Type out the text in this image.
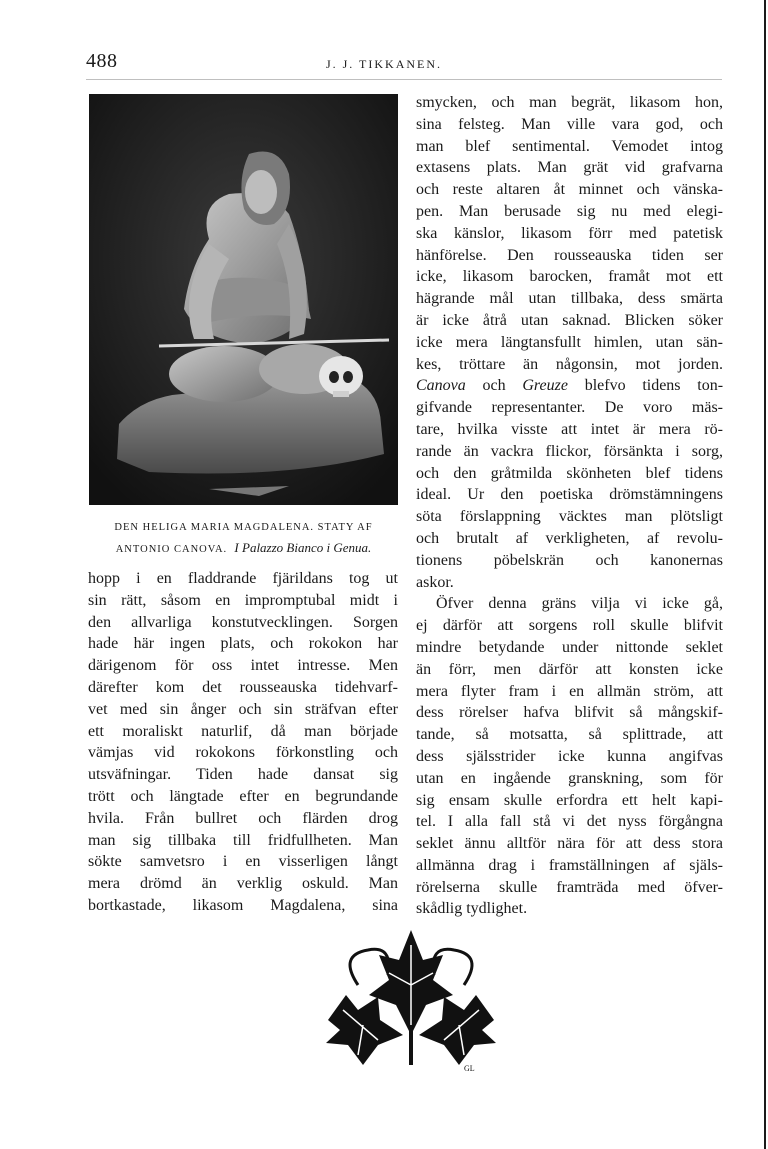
488	J. J. TIKKANEN.
DEN HELIGA MARIA MAGDALENA. STATY AF
ANTONIO CANOVA. I Palazzo Bianco i Genua.
hopp i en fladdrande fjärildans tog ut
sin rätt, såsom en impromptubal midt i
den allvarliga konstutvecklingen. Sorgen
hade här ingen plats, och rokokon har
därigenom för oss intet intresse. Men
därefter kom det rousseauska tidehvarf-
vet med sin ånger och sin sträfvan efter
ett moraliskt naturlif, då man började
vämjas vid rokokons förkonstling och
utsväfningar. Tiden hade dansat sig
trött och längtade efter en begrundande
hvila. Från bullret och flärden drog
man sig tillbaka till fridfullheten. Man
sökte samvetsro i en visserligen långt
mera drömd än verklig oskuld. Man
bortkastade, likasom Magdalena, sina
smycken, och man begrät, likasom hon,
sina felsteg. Man ville vara god, och
man blef sentimental. Vemodet intog
extasens plats. Man grät vid grafvarna
och reste altaren åt minnet och vänska-
pen. Man berusade sig nu med elegi-
ska känslor, likasom förr med patetisk
hänförelse. Den rousseauska tiden ser
icke, likasom barocken, framåt mot ett
hägrande mål utan tillbaka, dess smärta
är icke åtrå utan saknad. Blicken söker
icke mera längtansfullt himlen, utan sän-
kes, tröttare än någonsin, mot jorden.
Canova och Greuze blefvo tidens ton-
gifvande representanter. De voro mäs-
tare, hvilka visste att intet är mera rö-
rande än vackra flickor, försänkta i sorg,
och den gråtmilda skönheten blef tidens
ideal. Ur den poetiska drömstämningens
söta förslappning väcktes man plötsligt
och brutalt af verkligheten, af revolu-
tionens pöbelskrän och kanonernas
askor.
Öfver denna gräns vilja vi icke gå,
ej därför att sorgens roll skulle blifvit
mindre betydande under nittonde seklet
än förr, men därför att konsten icke
mera flyter fram i en allmän ström, att
dess rörelser hafva blifvit så mångskif-
tande, så motsatta, så splittrade, att
dess själsstrider icke kunna angifvas
utan en ingående granskning, som för
sig ensam skulle erfordra ett helt kapi-
tel. I alla fall stå vi det nyss förgångna
seklet ännu alltför nära för att dess stora
allmänna drag i framställningen af själs-
rörelserna skulle framträda med öfver-
skådlig tydlighet.
GL
